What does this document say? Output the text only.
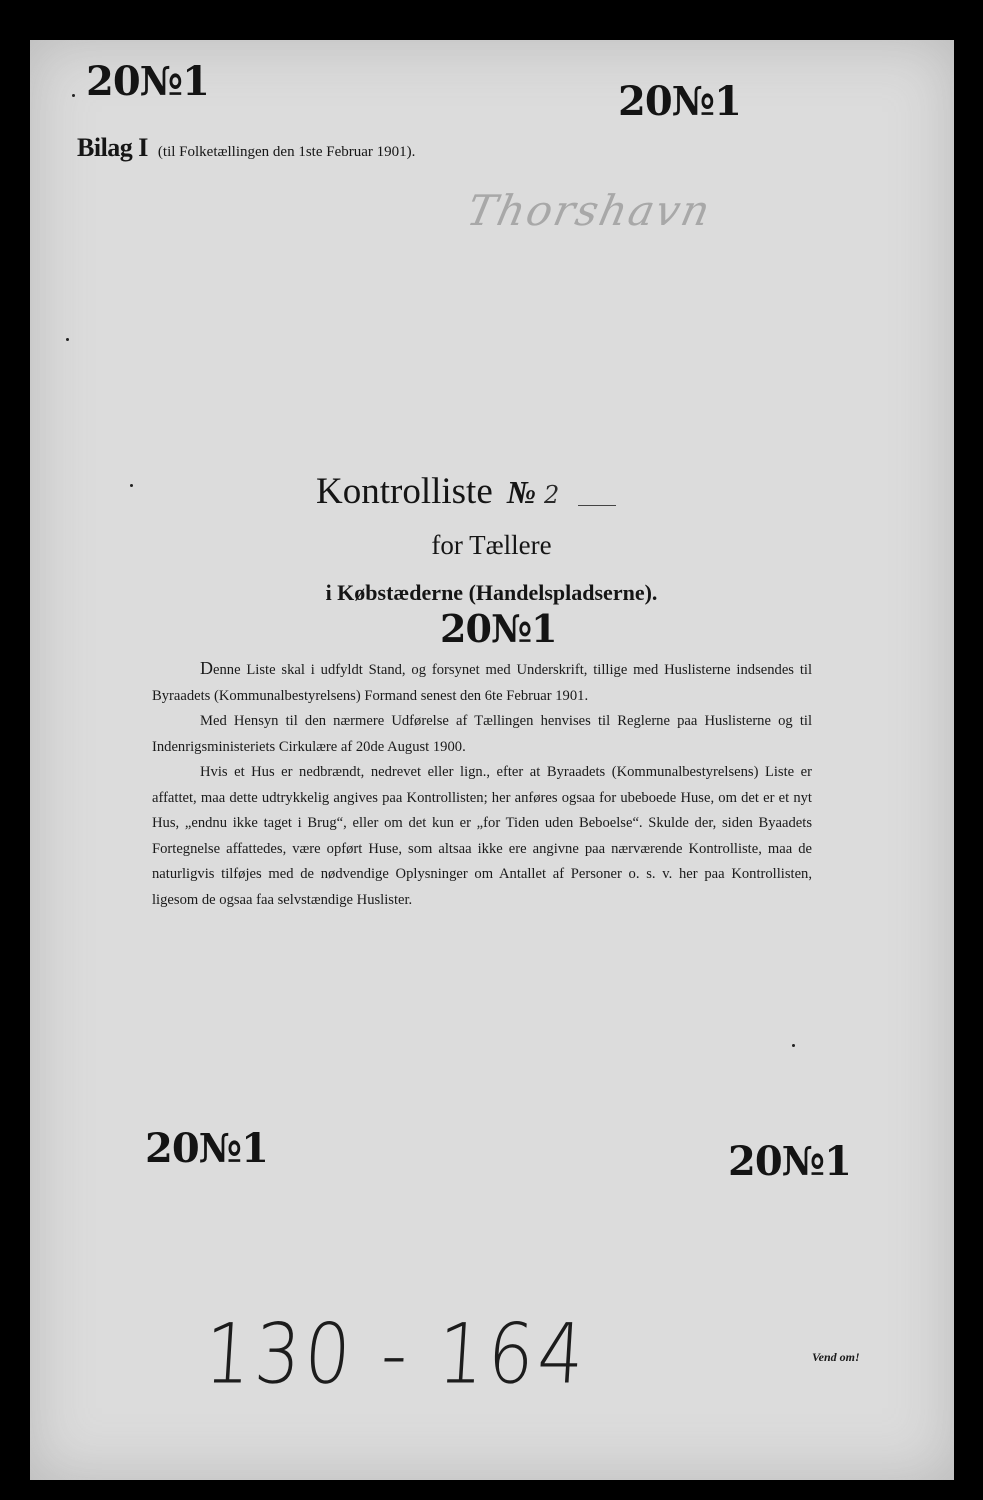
20№1	20№1
Bilag I (til Folketællingen den 1ste Februar 1901).
Thorshavn
Kontrolliste № 2
for Tællere
i Købstæderne (Handelspladserne).
20№1

Denne Liste skal i udfyldt Stand, og forsynet med Underskrift, tillige med Huslisterne indsendes til Byraadets (Kommunalbestyrelsens) Formand senest den 6te Februar 1901.

Med Hensyn til den nærmere Udførelse af Tællingen henvises til Reglerne paa Huslisterne og til Indenrigsministeriets Cirkulære af 20de August 1900.

Hvis et Hus er nedbrændt, nedrevet eller lign., efter at Byraadets (Kommunalbestyrelsens) Liste er affattet, maa dette udtrykkelig angives paa Kontrollisten; her anføres ogsaa for ubeboede Huse, om det er et nyt Hus, „endnu ikke taget i Brug“, eller om det kun er „for Tiden uden Beboelse“. Skulde der, siden Byaadets Fortegnelse affattedes, være opført Huse, som altsaa ikke ere angivne paa nærværende Kontrolliste, maa de naturligvis tilføjes med de nødvendige Oplysninger om Antallet af Personer o. s. v. her paa Kontrollisten, ligesom de ogsaa faa selvstændige Huslister.

20№1	20№1
130 - 164	Vend om!
